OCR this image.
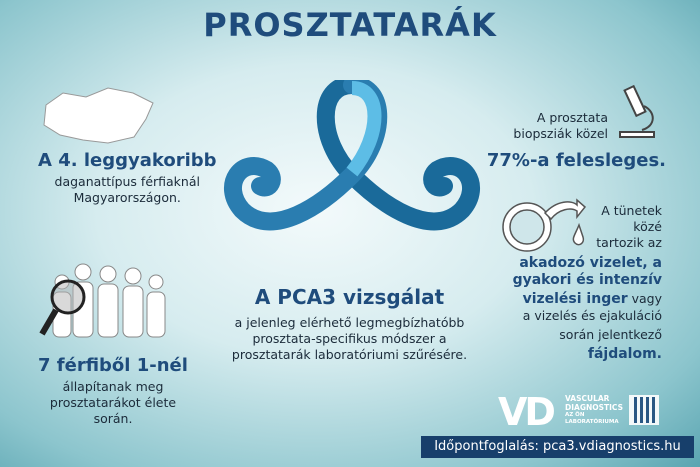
PROSZTATARÁK
A 4. leggyakoribb
daganattípus férfiaknál
Magyarországon.
7 férfiből 1-nél
állapítanak meg
prosztatarákot élete
során.
A PCA3 vizsgálat
a jelenleg elérhető legmegbízhatóbb
prosztata-specifikus módszer a
prosztatarák laboratóriumi szűrésére.
A prosztata
biopsziák közel
77%-a felesleges.
A tünetek
közé
tartozik az
akadozó vizelet, a
gyakori és intenzív
vizelési inger vagy
a vizelés és ejakuláció
során jelentkező fájdalom.
VD VASCULAR
DIAGNOSTICS
AZ ÖN
LABORATÓRIUMA
Időpontfoglalás: pca3.vdiagnostics.hu
